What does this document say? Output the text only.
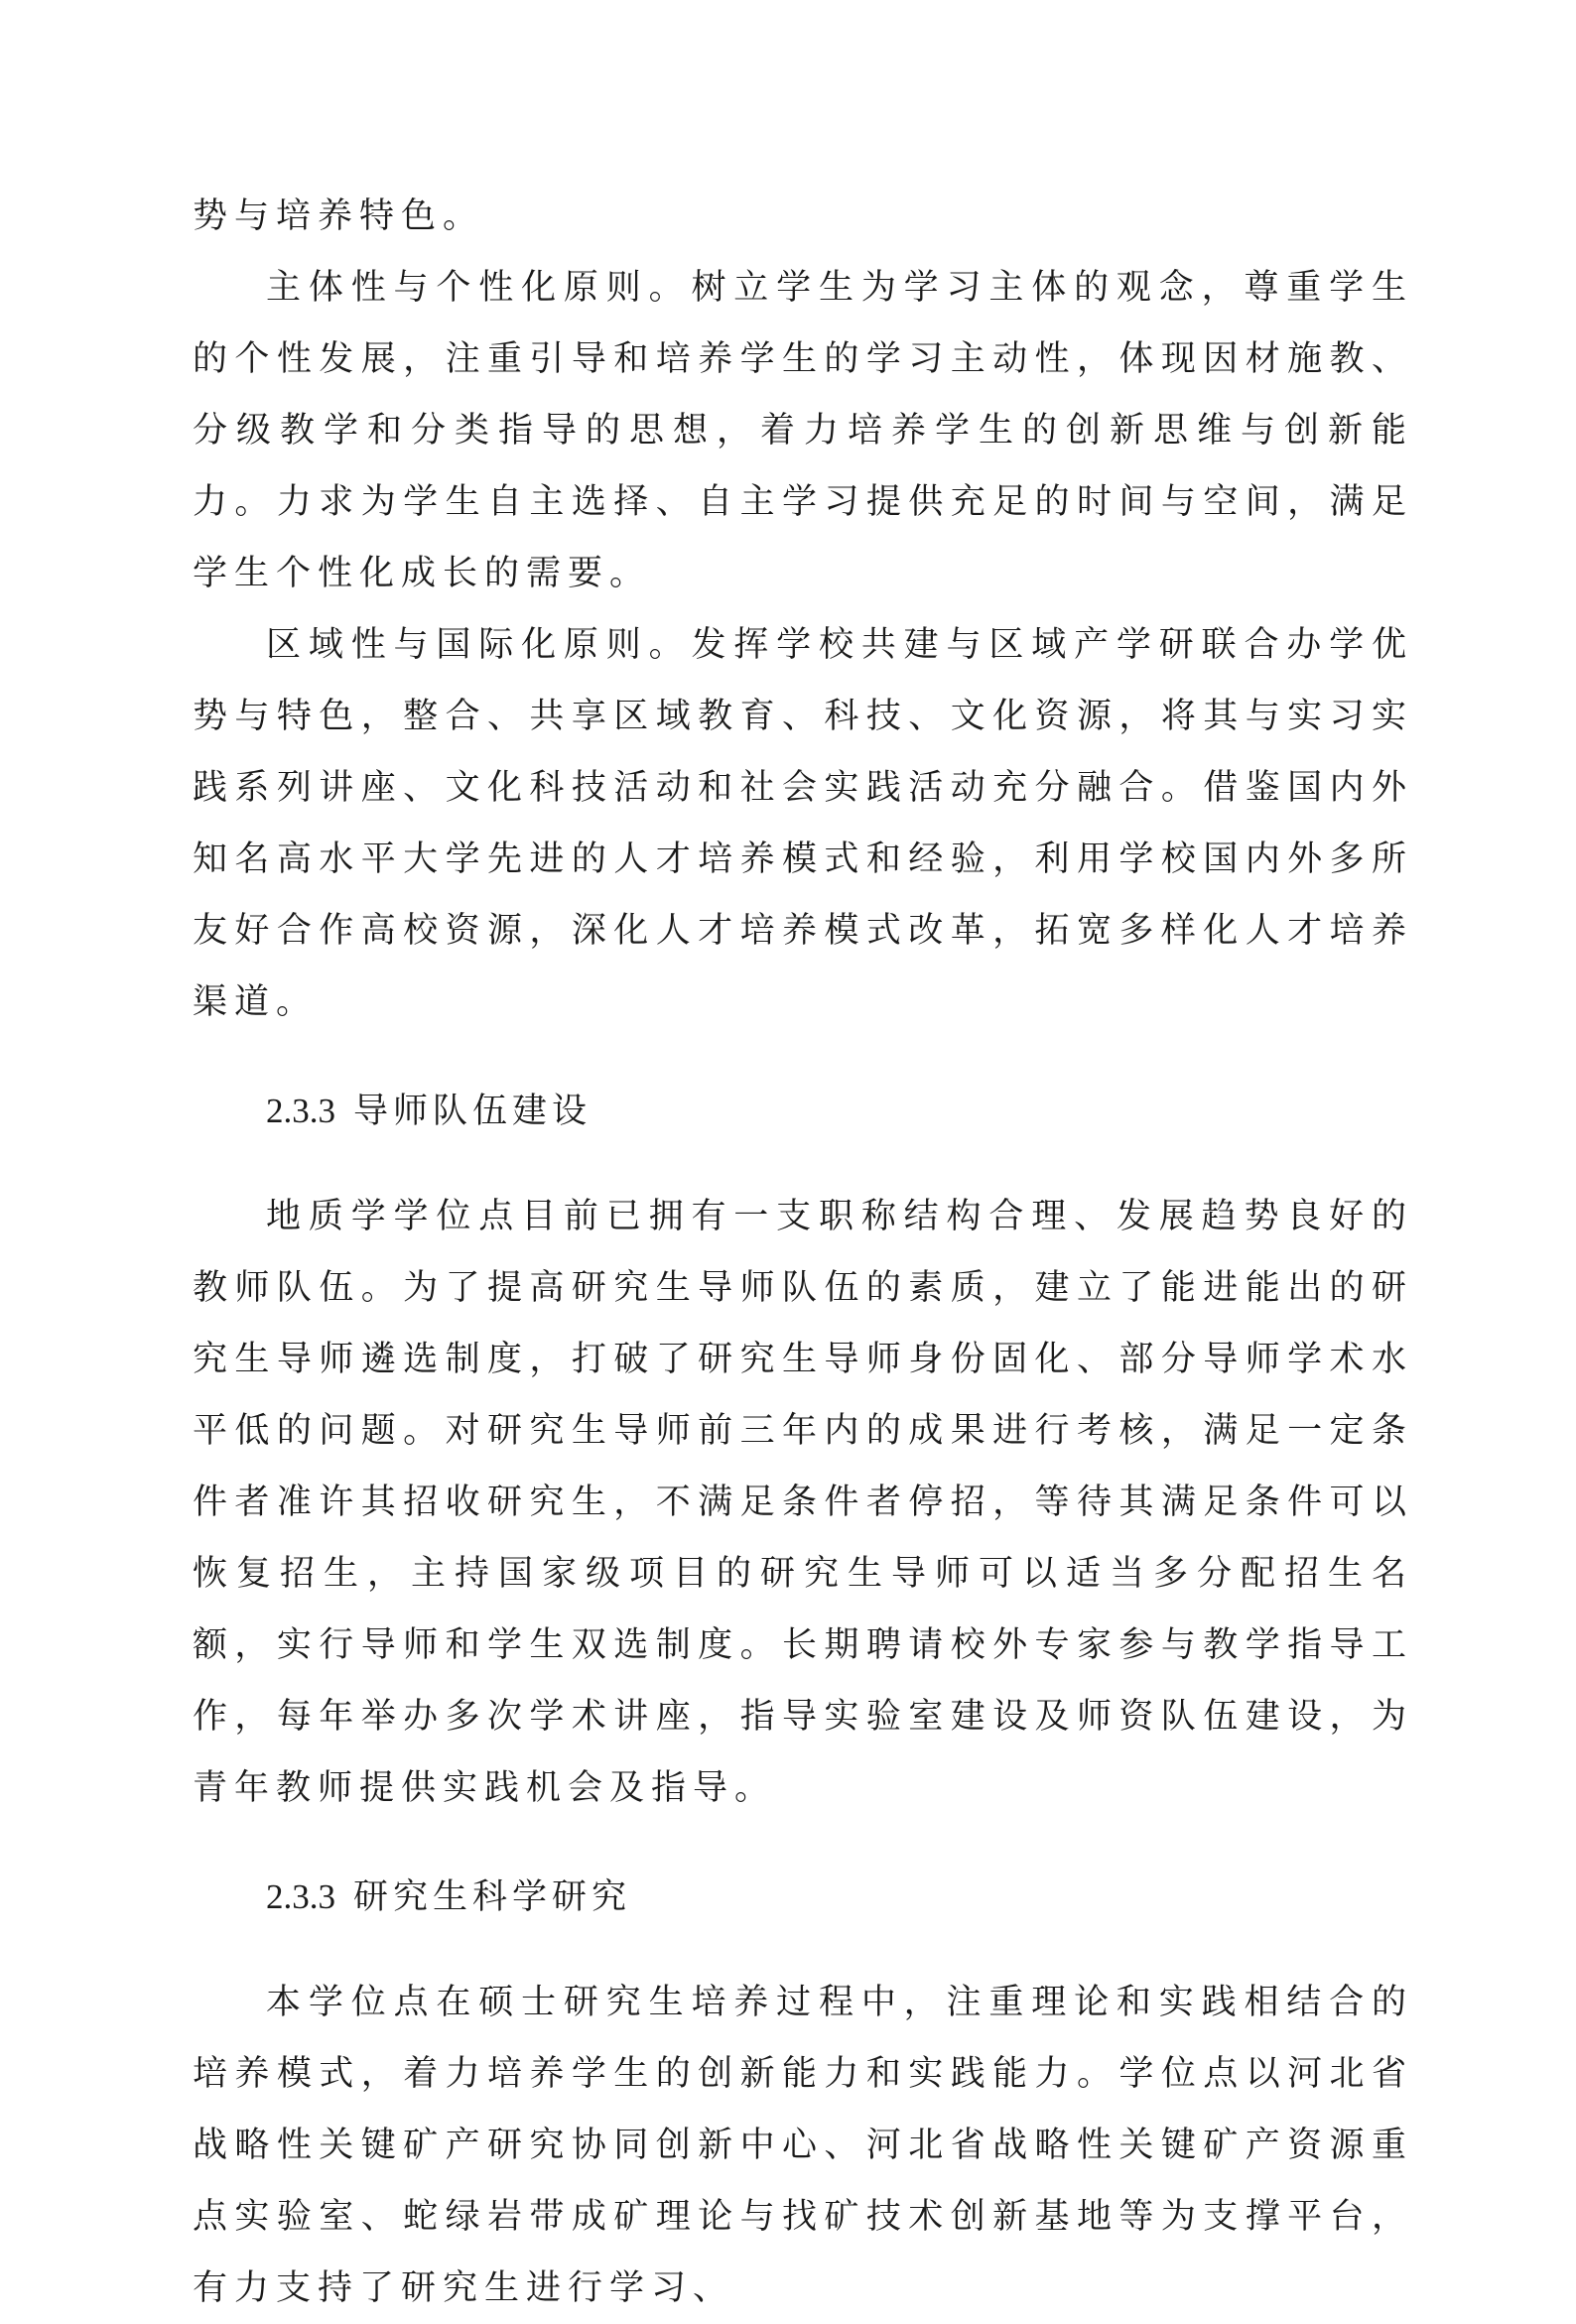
势与培养特色。

主体性与个性化原则。树立学生为学习主体的观念，尊重学生的个性发展，注重引导和培养学生的学习主动性，体现因材施教、分级教学和分类指导的思想，着力培养学生的创新思维与创新能力。力求为学生自主选择、自主学习提供充足的时间与空间，满足学生个性化成长的需要。

区域性与国际化原则。发挥学校共建与区域产学研联合办学优势与特色，整合、共享区域教育、科技、文化资源，将其与实习实践系列讲座、文化科技活动和社会实践活动充分融合。借鉴国内外知名高水平大学先进的人才培养模式和经验，利用学校国内外多所友好合作高校资源，深化人才培养模式改革，拓宽多样化人才培养渠道。

2.3.3 导师队伍建设

地质学学位点目前已拥有一支职称结构合理、发展趋势良好的教师队伍。为了提高研究生导师队伍的素质，建立了能进能出的研究生导师遴选制度，打破了研究生导师身份固化、部分导师学术水平低的问题。对研究生导师前三年内的成果进行考核，满足一定条件者准许其招收研究生，不满足条件者停招，等待其满足条件可以恢复招生，主持国家级项目的研究生导师可以适当多分配招生名额，实行导师和学生双选制度。长期聘请校外专家参与教学指导工作，每年举办多次学术讲座，指导实验室建设及师资队伍建设，为青年教师提供实践机会及指导。

2.3.3 研究生科学研究

本学位点在硕士研究生培养过程中，注重理论和实践相结合的培养模式，着力培养学生的创新能力和实践能力。学位点以河北省战略性关键矿产研究协同创新中心、河北省战略性关键矿产资源重点实验室、蛇绿岩带成矿理论与找矿技术创新基地等为支撑平台，有力支持了研究生进行学习、
